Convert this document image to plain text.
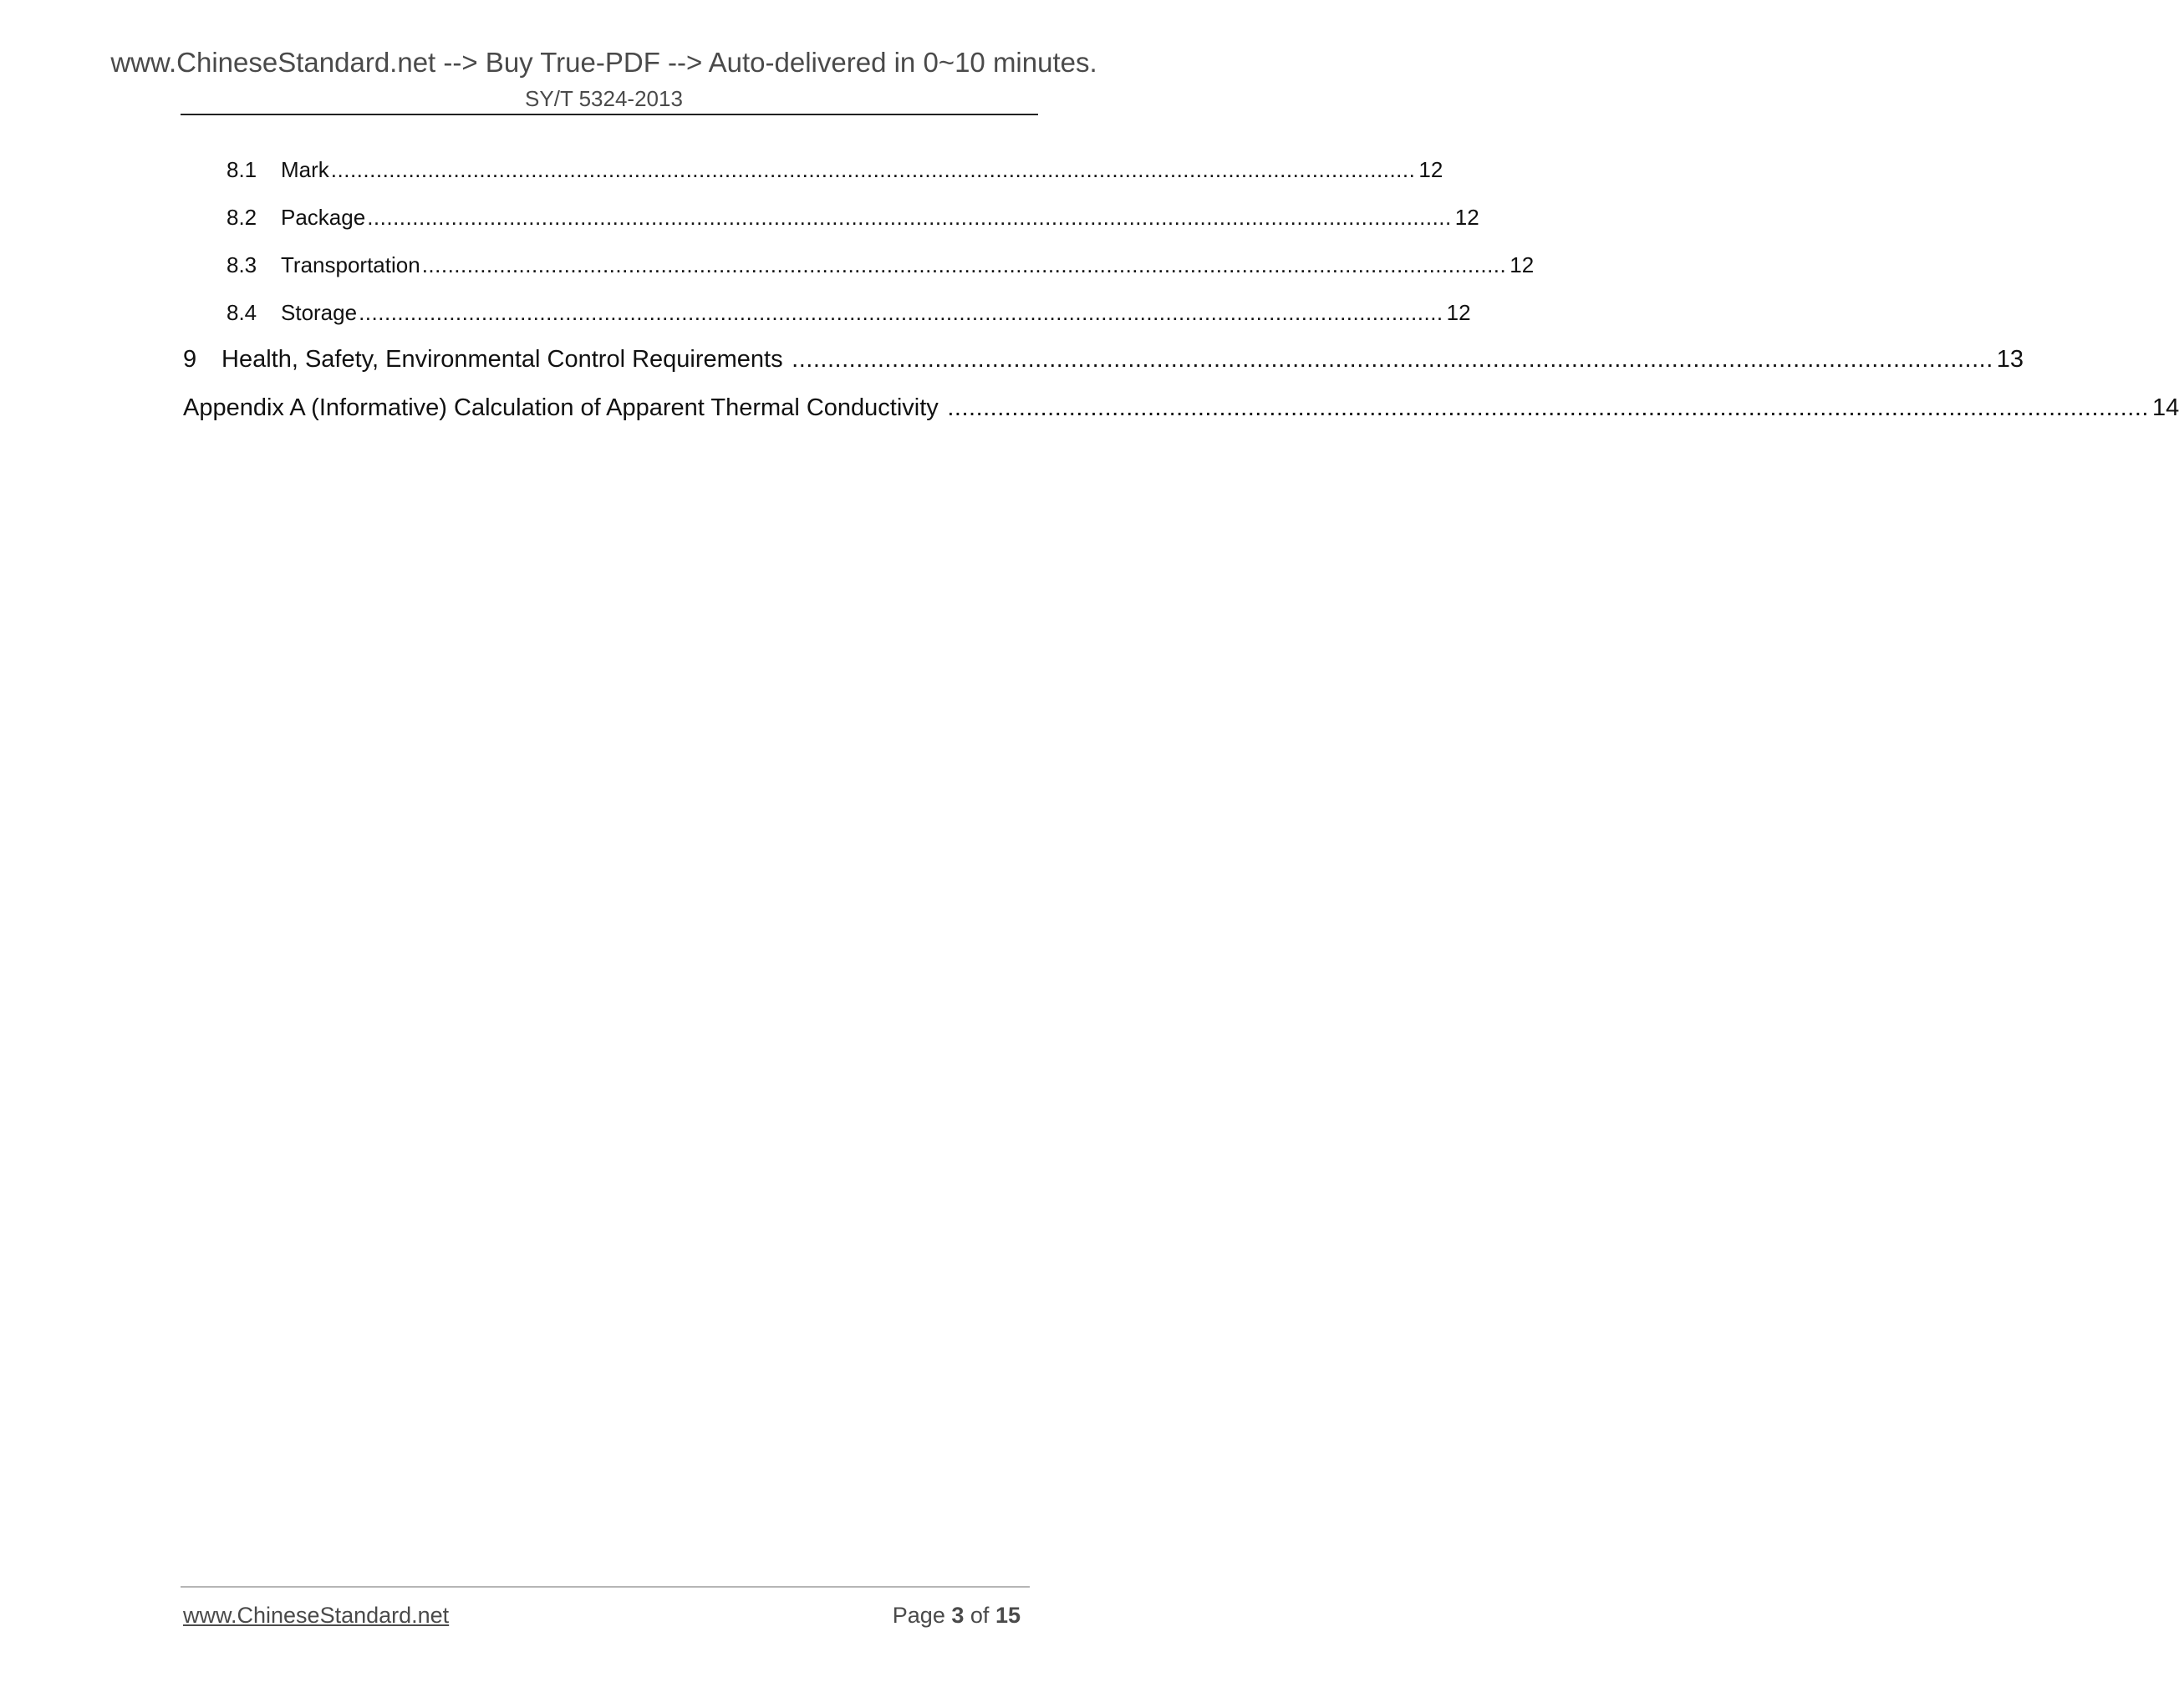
www.ChineseStandard.net --> Buy True-PDF --> Auto-delivered in 0~10 minutes.
SY/T 5324-2013
8.1	Mark ........................................................................................................................................................................ 12
8.2	Package ........................................................................................................................................................................ 12
8.3	Transportation ........................................................................................................................................................................ 12
8.4	Storage ........................................................................................................................................................................ 12
9	Health, Safety, Environmental Control Requirements ........................................................................................................................................................................ 13
Appendix A (Informative) Calculation of Apparent Thermal Conductivity ........................................................................................................................................................................ 14
www.ChineseStandard.net	Page 3 of 15
